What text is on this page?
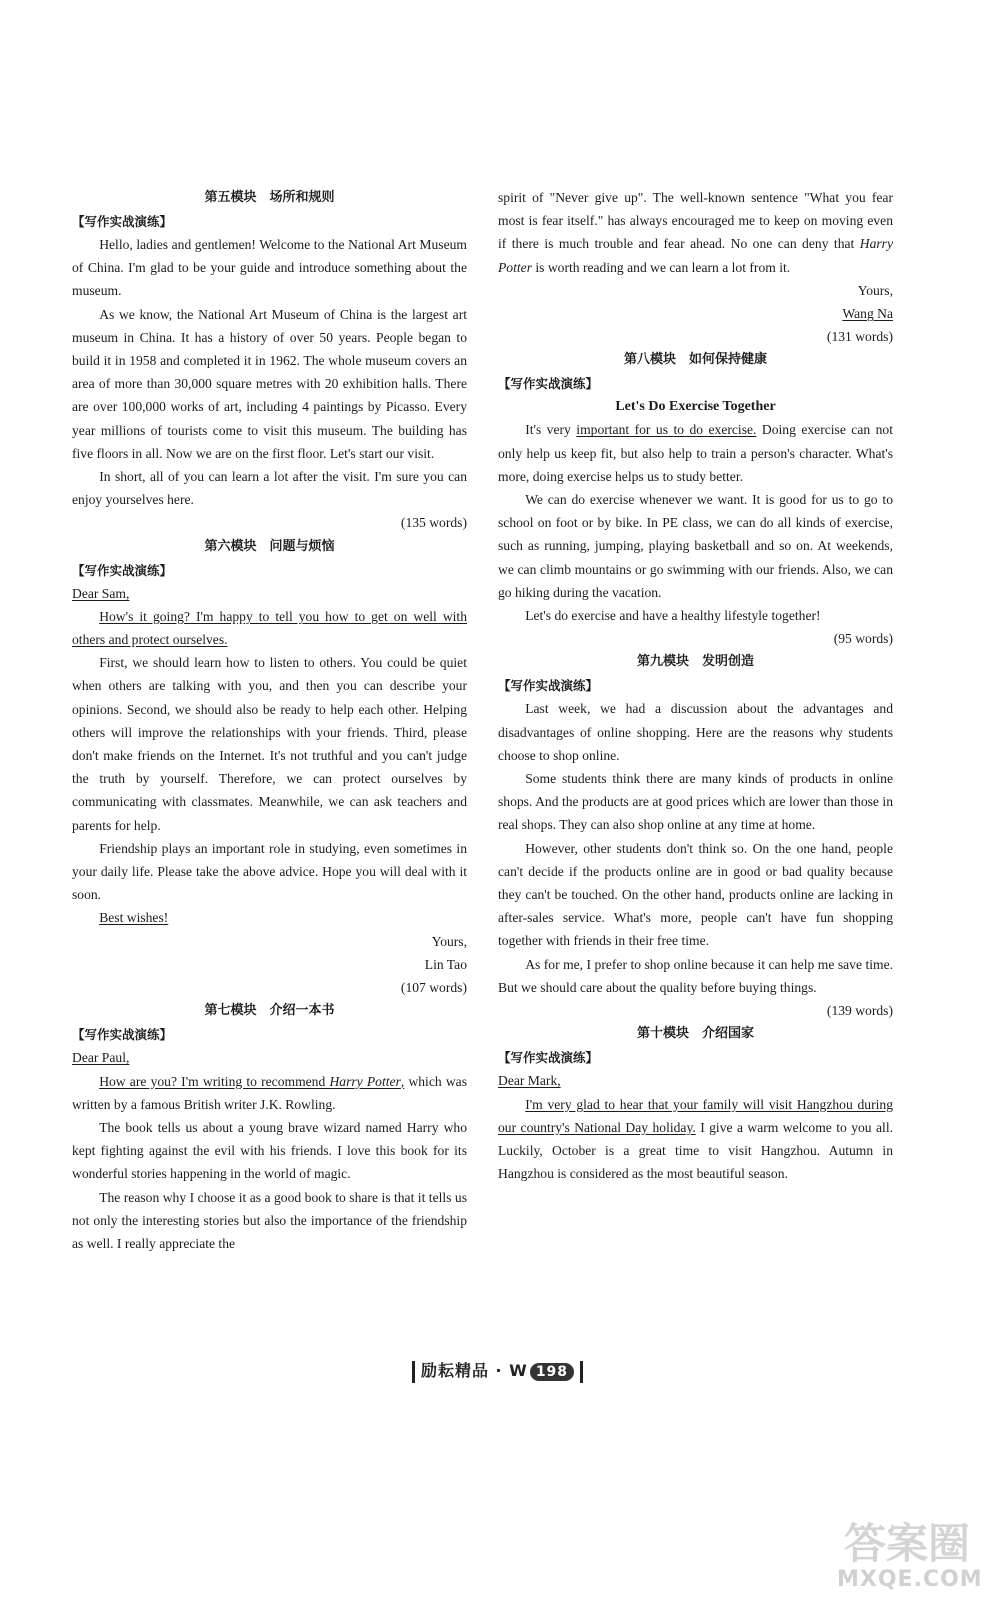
第五模块　场所和规则

【写作实战演练】

Hello, ladies and gentlemen! Welcome to the National Art Museum of China. I'm glad to be your guide and introduce something about the museum.

As we know, the National Art Museum of China is the largest art museum in China. It has a history of over 50 years. People began to build it in 1958 and completed it in 1962. The whole museum covers an area of more than 30,000 square metres with 20 exhibition halls. There are over 100,000 works of art, including 4 paintings by Picasso. Every year millions of tourists come to visit this museum. The building has five floors in all. Now we are on the first floor. Let's start our visit.

In short, all of you can learn a lot after the visit. I'm sure you can enjoy yourselves here.

(135 words)

第六模块　问题与烦恼

【写作实战演练】

Dear Sam,

How's it going? I'm happy to tell you how to get on well with others and protect ourselves.

First, we should learn how to listen to others. You could be quiet when others are talking with you, and then you can describe your opinions. Second, we should also be ready to help each other. Helping others will improve the relationships with your friends. Third, please don't make friends on the Internet. It's not truthful and you can't judge the truth by yourself. Therefore, we can protect ourselves by communicating with classmates. Meanwhile, we can ask teachers and parents for help.

Friendship plays an important role in studying, even sometimes in your daily life. Please take the above advice. Hope you will deal with it soon.

Best wishes!

Yours,

Lin Tao

(107 words)

第七模块　介绍一本书

【写作实战演练】

Dear Paul,

How are you? I'm writing to recommend Harry Potter, which was written by a famous British writer J.K. Rowling.

The book tells us about a young brave wizard named Harry who kept fighting against the evil with his friends. I love this book for its wonderful stories happening in the world of magic.

The reason why I choose it as a good book to share is that it tells us not only the interesting stories but also the importance of the friendship as well. I really appreciate the

spirit of "Never give up". The well-known sentence "What you fear most is fear itself." has always encouraged me to keep on moving even if there is much trouble and fear ahead. No one can deny that Harry Potter is worth reading and we can learn a lot from it.

Yours,

Wang Na

(131 words)

第八模块　如何保持健康

【写作实战演练】

Let's Do Exercise Together

It's very important for us to do exercise. Doing exercise can not only help us keep fit, but also help to train a person's character. What's more, doing exercise helps us to study better.

We can do exercise whenever we want. It is good for us to go to school on foot or by bike. In PE class, we can do all kinds of exercise, such as running, jumping, playing basketball and so on. At weekends, we can climb mountains or go swimming with our friends. Also, we can go hiking during the vacation.

Let's do exercise and have a healthy lifestyle together!

(95 words)

第九模块　发明创造

【写作实战演练】

Last week, we had a discussion about the advantages and disadvantages of online shopping. Here are the reasons why students choose to shop online.

Some students think there are many kinds of products in online shops. And the products are at good prices which are lower than those in real shops. They can also shop online at any time at home.

However, other students don't think so. On the one hand, people can't decide if the products online are in good or bad quality because they can't be touched. On the other hand, products online are lacking in after-sales service. What's more, people can't have fun shopping together with friends in their free time.

As for me, I prefer to shop online because it can help me save time. But we should care about the quality before buying things.

(139 words)

第十模块　介绍国家

【写作实战演练】

Dear Mark,

I'm very glad to hear that your family will visit Hangzhou during our country's National Day holiday. I give a warm welcome to you all. Luckily, October is a great time to visit Hangzhou. Autumn in Hangzhou is considered as the most beautiful season.

励耘精品 · W 198
答案圈
MXQE.COM
